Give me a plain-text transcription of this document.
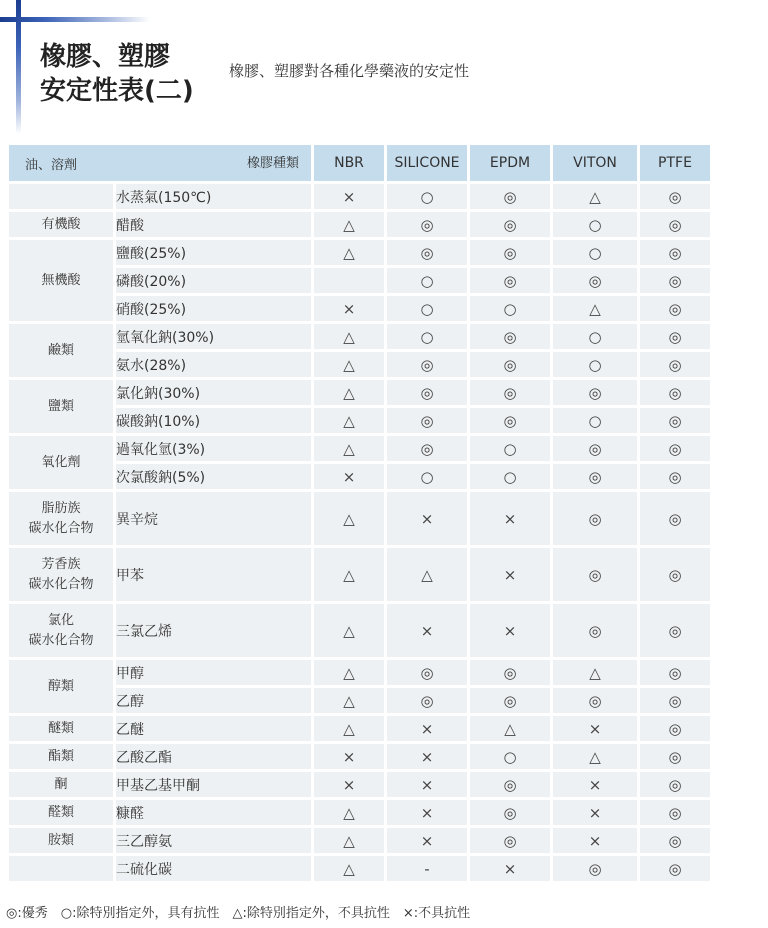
橡膠、塑膠
安定性表(二)
橡膠、塑膠對各種化學藥液的安定性
油、溶劑 橡膠種類		NBR	SILICONE	EPDM	VITON	PTFE

	水蒸氣(150℃)	×	○	◎	△	◎

有機酸	醋酸	△	◎	◎	○	◎

無機酸	鹽酸(25%)	△	◎	◎	○	◎
	磷酸(20%)		○	◎	◎	◎
	硝酸(25%)	×	○	○	△	◎

鹼類	氫氧化鈉(30%)	△	○	◎	○	◎
	氨水(28%)	△	◎	◎	○	◎

鹽類	氯化鈉(30%)	△	◎	◎	◎	◎
	碳酸鈉(10%)	△	◎	◎	○	◎

氧化劑	過氧化氫(3%)	△	◎	○	◎	◎
	次氯酸鈉(5%)	×	○	○	◎	◎

脂肪族
碳水化合物	異辛烷	△	×	×	◎	◎

芳香族
碳水化合物	甲苯	△	△	×	◎	◎

氯化
碳水化合物	三氯乙烯	△	×	×	◎	◎

醇類	甲醇	△	◎	◎	△	◎
	乙醇	△	◎	◎	◎	◎

醚類	乙醚	△	×	△	×	◎

酯類	乙酸乙酯	×	×	○	△	◎

酮	甲基乙基甲酮	×	×	◎	×	◎

醛類	糠醛	△	×	◎	×	◎

胺類	三乙醇氨	△	×	◎	×	◎

	二硫化碳	△	-	×	◎	◎
◎:優秀　○:除特別指定外，具有抗性　△:除特別指定外，不具抗性　×:不具抗性
